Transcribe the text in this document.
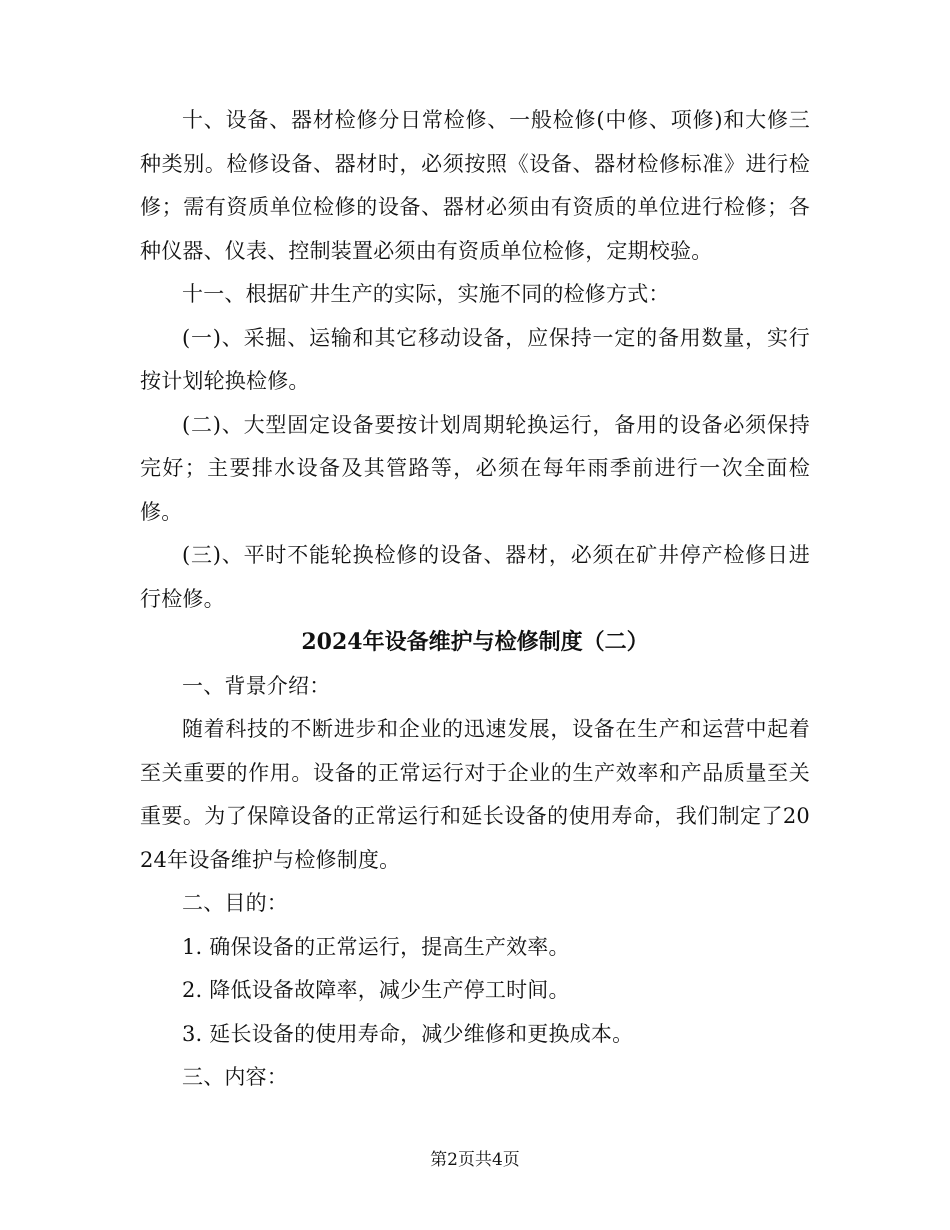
十、设备、器材检修分日常检修、一般检修(中修、项修)和大修三种类别。检修设备、器材时，必须按照《设备、器材检修标准》进行检修；需有资质单位检修的设备、器材必须由有资质的单位进行检修；各种仪器、仪表、控制装置必须由有资质单位检修，定期校验。

十一、根据矿井生产的实际，实施不同的检修方式：

(一)、采掘、运输和其它移动设备，应保持一定的备用数量，实行按计划轮换检修。

(二)、大型固定设备要按计划周期轮换运行，备用的设备必须保持完好；主要排水设备及其管路等，必须在每年雨季前进行一次全面检修。

(三)、平时不能轮换检修的设备、器材，必须在矿井停产检修日进行检修。

2024年设备维护与检修制度（二）

一、背景介绍：

随着科技的不断进步和企业的迅速发展，设备在生产和运营中起着至关重要的作用。设备的正常运行对于企业的生产效率和产品质量至关重要。为了保障设备的正常运行和延长设备的使用寿命，我们制定了2024年设备维护与检修制度。

二、目的：

1. 确保设备的正常运行，提高生产效率。

2. 降低设备故障率，减少生产停工时间。

3. 延长设备的使用寿命，减少维修和更换成本。

三、内容：

第2页共4页
